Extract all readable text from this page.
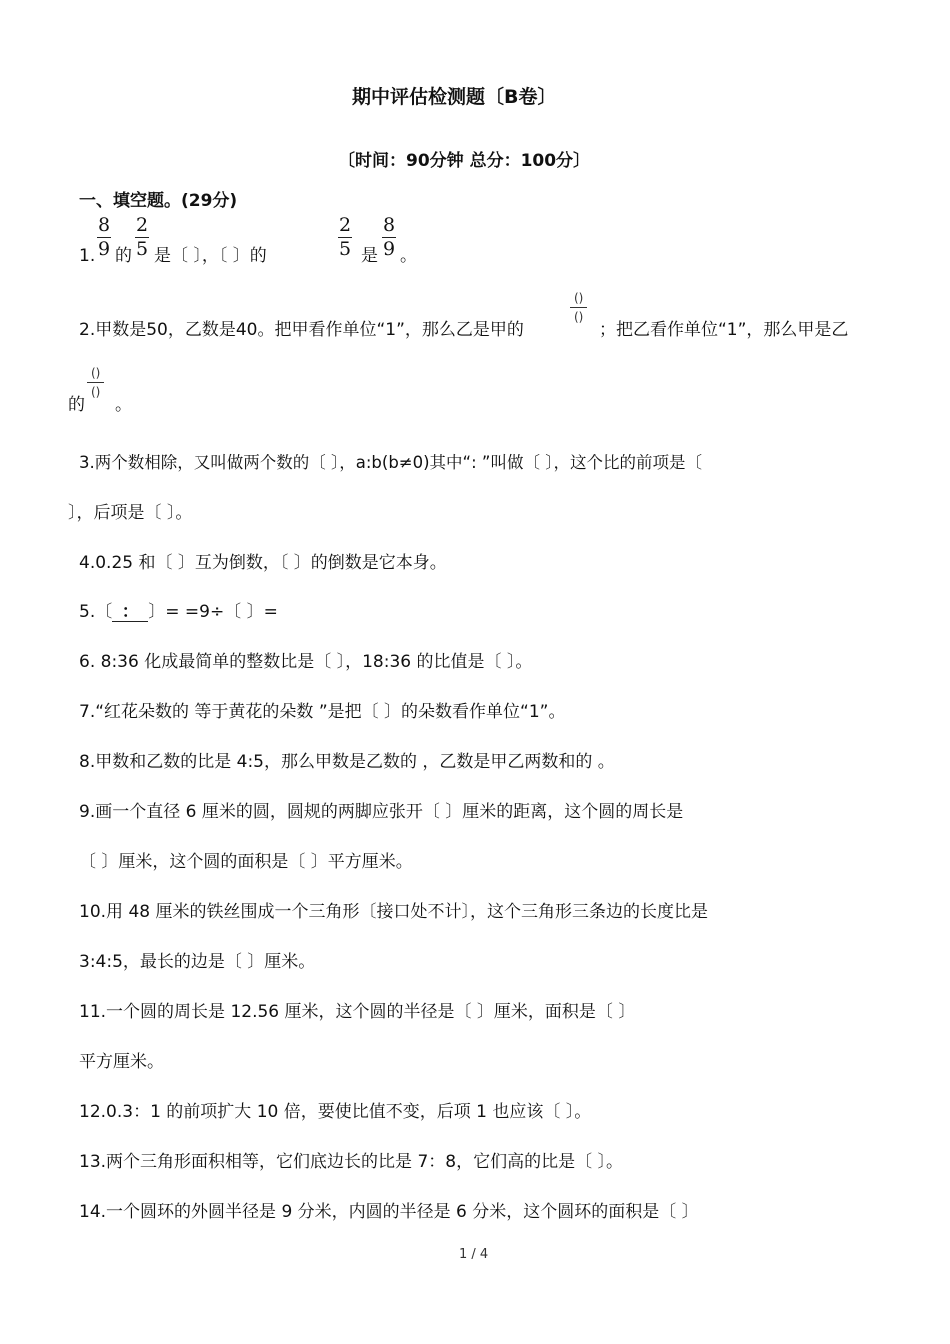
期中评估检测题〔B卷〕
〔时间：90分钟 总分：100分〕
一、填空题。(29分)
1. $\frac{8}{9}$ 的 $\frac{2}{5}$ 是〔 〕，〔 〕的	$\frac{2}{5}$ 是 $\frac{8}{9}$ 。
2.甲数是50，乙数是40。把甲看作单位“1”，那么乙是甲的
()
()
；把乙看作单位“1”，那么甲是乙
()
()
的 。
3.两个数相除，又叫做两个数的〔 〕，a:b(b≠0)其中“: ”叫做〔 〕，这个比的前项是〔
〕，后项是〔 〕。
4.0.25 和〔 〕互为倒数，〔 〕的倒数是它本身。
5.〔 ： 〕= =9÷〔 〕=
6. 8:36 化成最简单的整数比是〔 〕，18:36 的比值是〔 〕。
7.“红花朵数的 等于黄花的朵数 ”是把〔 〕的朵数看作单位“1”。
8.甲数和乙数的比是 4:5，那么甲数是乙数的 ，乙数是甲乙两数和的 。
9.画一个直径 6 厘米的圆，圆规的两脚应张开〔 〕厘米的距离，这个圆的周长是
〔 〕厘米，这个圆的面积是〔 〕平方厘米。
10.用 48 厘米的铁丝围成一个三角形〔接口处不计〕，这个三角形三条边的长度比是
3:4:5，最长的边是〔 〕厘米。
11.一个圆的周长是 12.56 厘米，这个圆的半径是〔 〕厘米，面积是〔 〕
平方厘米。
12.0.3：1 的前项扩大 10 倍，要使比值不变，后项 1 也应该〔 〕。
13.两个三角形面积相等，它们底边长的比是 7：8，它们高的比是〔 〕。
14.一个圆环的外圆半径是 9 分米，内圆的半径是 6 分米，这个圆环的面积是〔 〕
1 / 4
